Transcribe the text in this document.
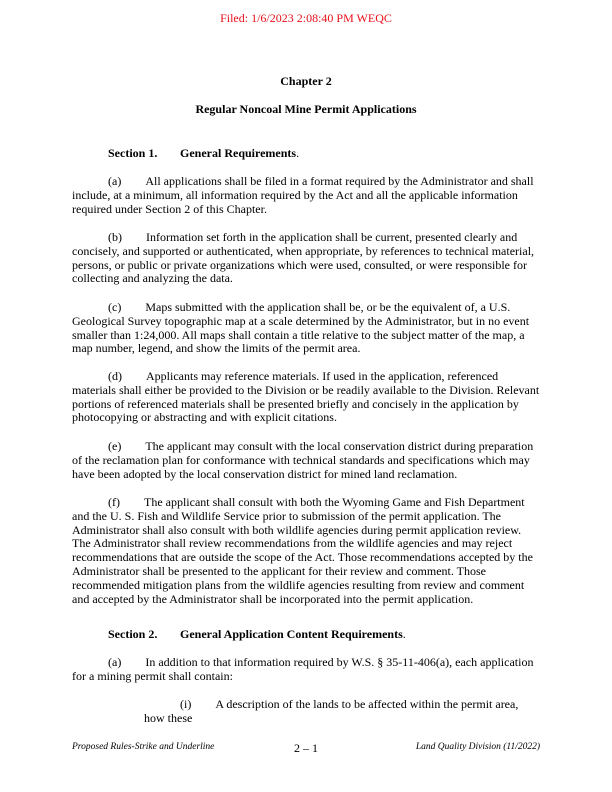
Filed: 1/6/2023 2:08:40 PM WEQC
Chapter 2
Regular Noncoal Mine Permit Applications

Section 1. General Requirements.

(a)  All applications shall be filed in a format required by the Administrator and shall include, at a minimum, all information required by the Act and all the applicable information required under Section 2 of this Chapter.

(b)  Information set forth in the application shall be current, presented clearly and concisely, and supported or authenticated, when appropriate, by references to technical material, persons, or public or private organizations which were used, consulted, or were responsible for collecting and analyzing the data.

(c)  Maps submitted with the application shall be, or be the equivalent of, a U.S. Geological Survey topographic map at a scale determined by the Administrator, but in no event smaller than 1:24,000. All maps shall contain a title relative to the subject matter of the map, a map number, legend, and show the limits of the permit area.

(d)  Applicants may reference materials. If used in the application, referenced materials shall either be provided to the Division or be readily available to the Division. Relevant portions of referenced materials shall be presented briefly and concisely in the application by photocopying or abstracting and with explicit citations.

(e)  The applicant may consult with the local conservation district during preparation of the reclamation plan for conformance with technical standards and specifications which may have been adopted by the local conservation district for mined land reclamation.

(f)  The applicant shall consult with both the Wyoming Game and Fish Department and the U. S. Fish and Wildlife Service prior to submission of the permit application. The Administrator shall also consult with both wildlife agencies during permit application review. The Administrator shall review recommendations from the wildlife agencies and may reject recommendations that are outside the scope of the Act. Those recommendations accepted by the Administrator shall be presented to the applicant for their review and comment. Those recommended mitigation plans from the wildlife agencies resulting from review and comment and accepted by the Administrator shall be incorporated into the permit application.

Section 2. General Application Content Requirements.

(a)  In addition to that information required by W.S. § 35-11-406(a), each application for a mining permit shall contain:

(i)  A description of the lands to be affected within the permit area, how these

Proposed Rules-Strike and Underline	2 – 1	Land Quality Division (11/2022)
